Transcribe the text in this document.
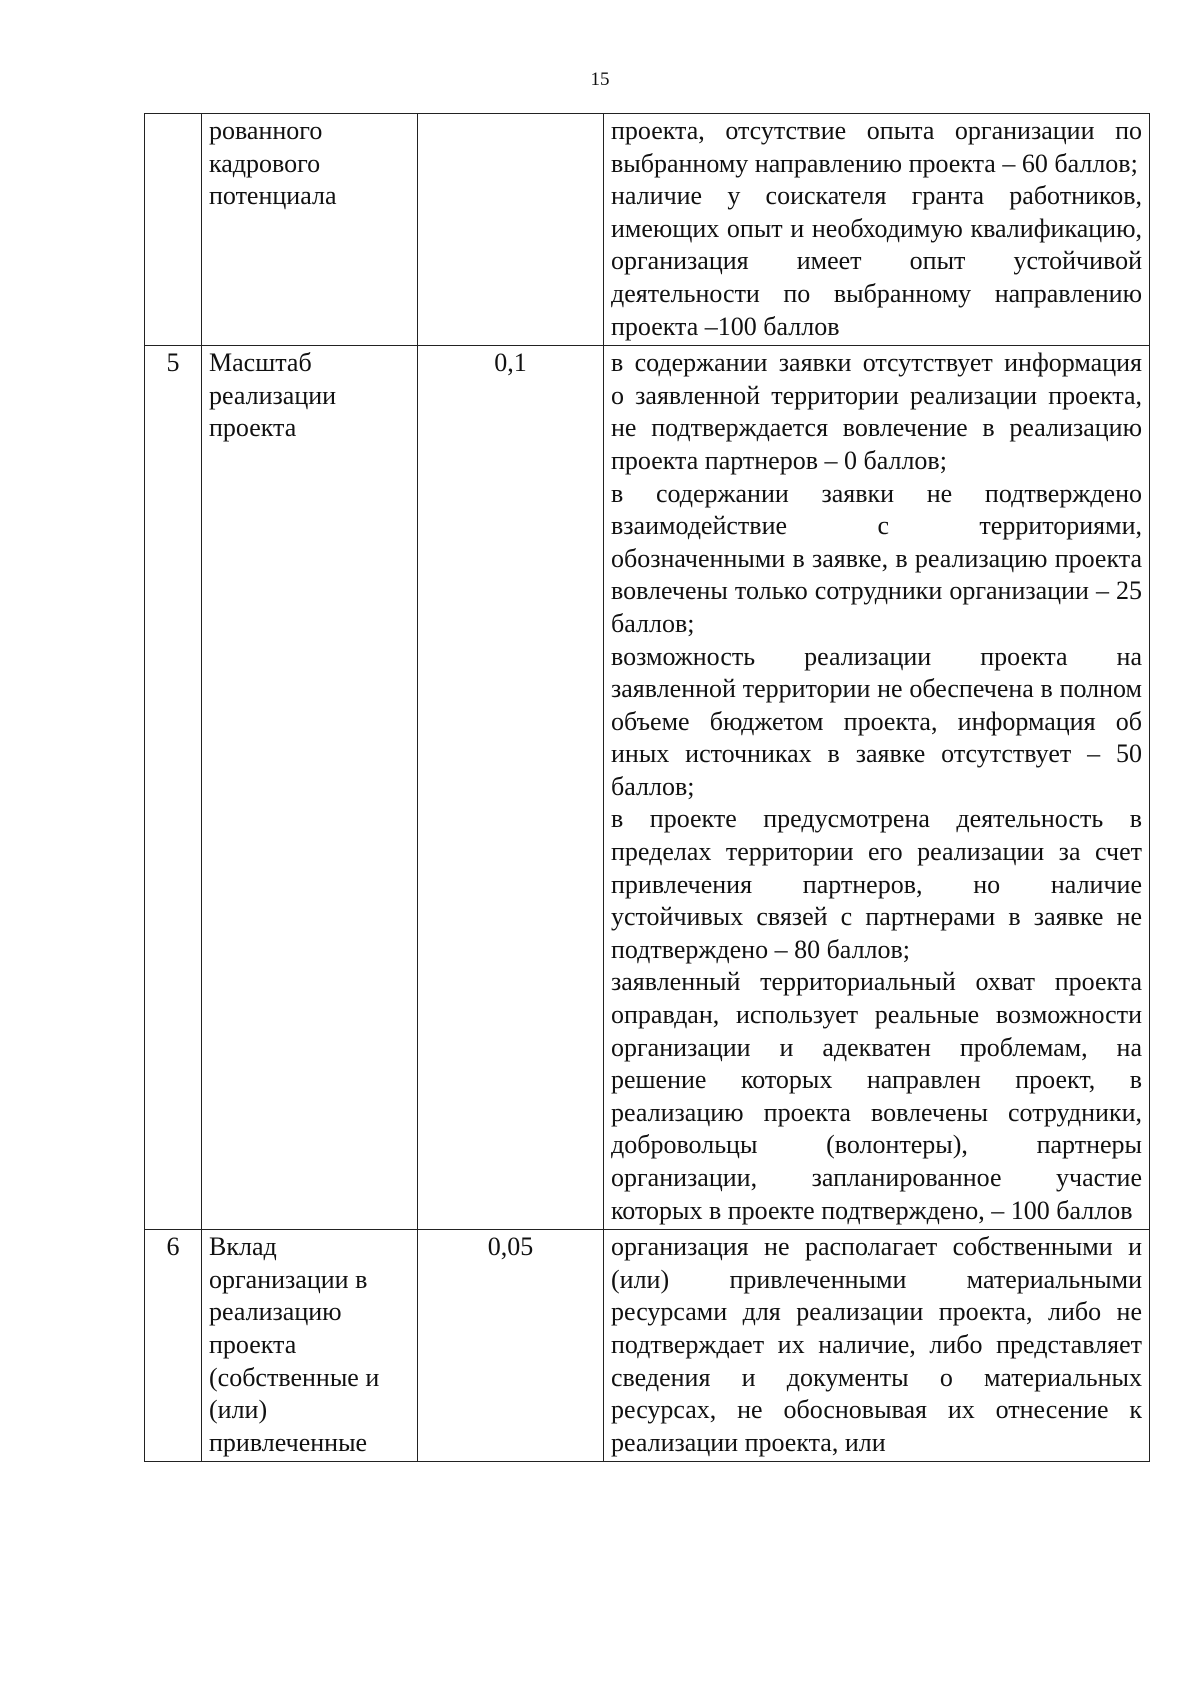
15

	рованного кадрового потенциала		проекта, отсутствие опыта организации по выбранному направлению проекта – 60 баллов;
наличие у соискателя гранта работников, имеющих опыт и необходимую квалификацию, организация имеет опыт устойчивой деятельности по выбранному направлению проекта –100 баллов

5	Масштаб реализации проекта	0,1	в содержании заявки отсутствует информация о заявленной территории реализации проекта, не подтверждается вовлечение в реализацию проекта партнеров – 0 баллов;
в содержании заявки не подтверждено взаимодействие с территориями, обозначенными в заявке, в реализацию проекта вовлечены только сотрудники организации – 25 баллов;
возможность реализации проекта на заявленной территории не обеспечена в полном объеме бюджетом проекта, информация об иных источниках в заявке отсутствует – 50 баллов;
в проекте предусмотрена деятельность в пределах территории его реализации за счет привлечения партнеров, но наличие устойчивых связей с партнерами в заявке не подтверждено – 80 баллов;
заявленный территориальный охват проекта оправдан, использует реальные возможности организации и адекватен проблемам, на решение которых направлен проект, в реализацию проекта вовлечены сотрудники, добровольцы (волонтеры), партнеры организации, запланированное участие которых в проекте подтверждено, – 100 баллов

6	Вклад организации в реализацию проекта (собственные и (или) привлеченные	0,05	организация не располагает собственными и (или) привлеченными материальными ресурсами для реализации проекта, либо не подтверждает их наличие, либо представляет сведения и документы о материальных ресурсах, не обосновывая их отнесение к реализации проекта, или
